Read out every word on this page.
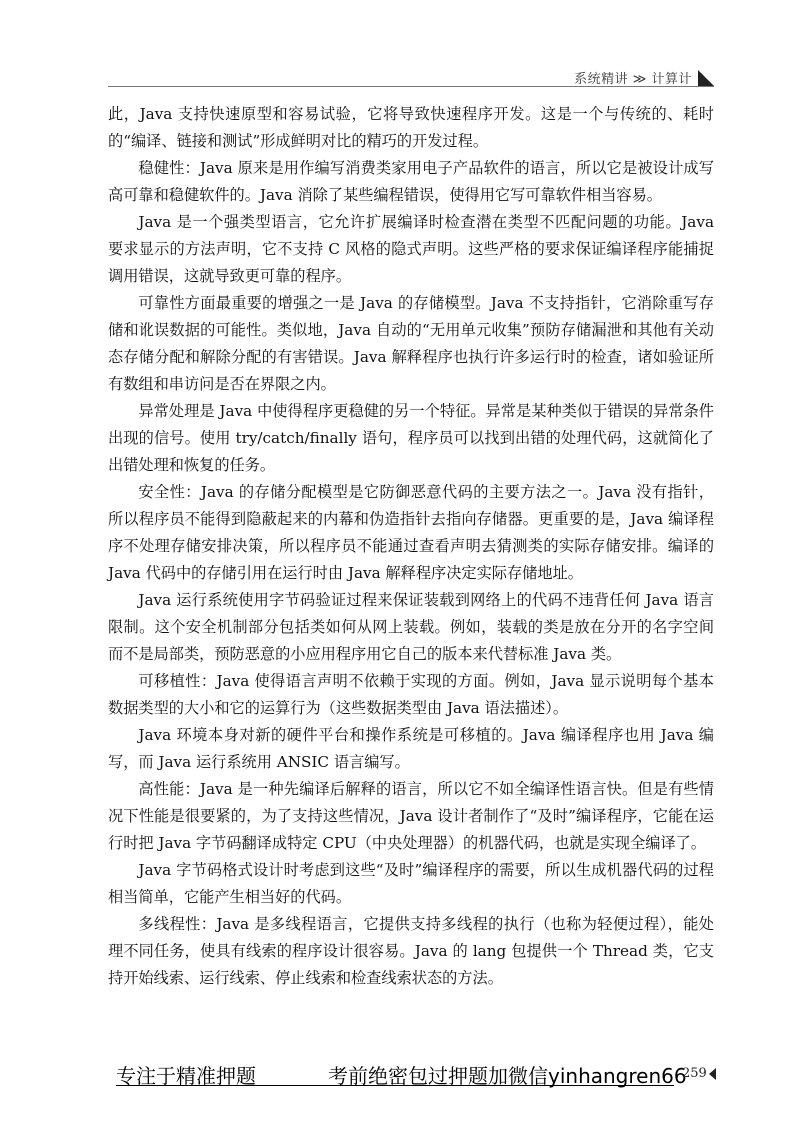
系统精讲 ≫ 计算计

此，Java 支持快速原型和容易试验，它将导致快速程序开发。这是一个与传统的、耗时的“编译、链接和测试”形成鲜明对比的精巧的开发过程。

稳健性：Java 原来是用作编写消费类家用电子产品软件的语言，所以它是被设计成写高可靠和稳健软件的。Java 消除了某些编程错误，使得用它写可靠软件相当容易。

Java 是一个强类型语言，它允许扩展编译时检查潜在类型不匹配问题的功能。Java 要求显示的方法声明，它不支持 C 风格的隐式声明。这些严格的要求保证编译程序能捕捉调用错误，这就导致更可靠的程序。

可靠性方面最重要的增强之一是 Java 的存储模型。Java 不支持指针，它消除重写存储和讹误数据的可能性。类似地，Java 自动的“无用单元收集”预防存储漏泄和其他有关动态存储分配和解除分配的有害错误。Java 解释程序也执行许多运行时的检查，诸如验证所有数组和串访问是否在界限之内。

异常处理是 Java 中使得程序更稳健的另一个特征。异常是某种类似于错误的异常条件出现的信号。使用 try/catch/finally 语句，程序员可以找到出错的处理代码，这就简化了出错处理和恢复的任务。

安全性：Java 的存储分配模型是它防御恶意代码的主要方法之一。Java 没有指针，所以程序员不能得到隐蔽起来的内幕和伪造指针去指向存储器。更重要的是，Java 编译程序不处理存储安排决策，所以程序员不能通过查看声明去猜测类的实际存储安排。编译的 Java 代码中的存储引用在运行时由 Java 解释程序决定实际存储地址。

Java 运行系统使用字节码验证过程来保证装载到网络上的代码不违背任何 Java 语言限制。这个安全机制部分包括类如何从网上装载。例如，装载的类是放在分开的名字空间而不是局部类，预防恶意的小应用程序用它自己的版本来代替标准 Java 类。

可移植性：Java 使得语言声明不依赖于实现的方面。例如，Java 显示说明每个基本数据类型的大小和它的运算行为（这些数据类型由 Java 语法描述）。

Java 环境本身对新的硬件平台和操作系统是可移植的。Java 编译程序也用 Java 编写，而 Java 运行系统用 ANSIC 语言编写。

高性能：Java 是一种先编译后解释的语言，所以它不如全编译性语言快。但是有些情况下性能是很要紧的，为了支持这些情况，Java 设计者制作了“及时”编译程序，它能在运行时把 Java 字节码翻译成特定 CPU（中央处理器）的机器代码，也就是实现全编译了。

Java 字节码格式设计时考虑到这些“及时”编译程序的需要，所以生成机器代码的过程相当简单，它能产生相当好的代码。

多线程性：Java 是多线程语言，它提供支持多线程的执行（也称为轻便过程），能处理不同任务，使具有线索的程序设计很容易。Java 的 lang 包提供一个 Thread 类，它支持开始线索、运行线索、停止线索和检查线索状态的方法。

专注于精准押题	考前绝密包过押题加微信yinhangren66
259
